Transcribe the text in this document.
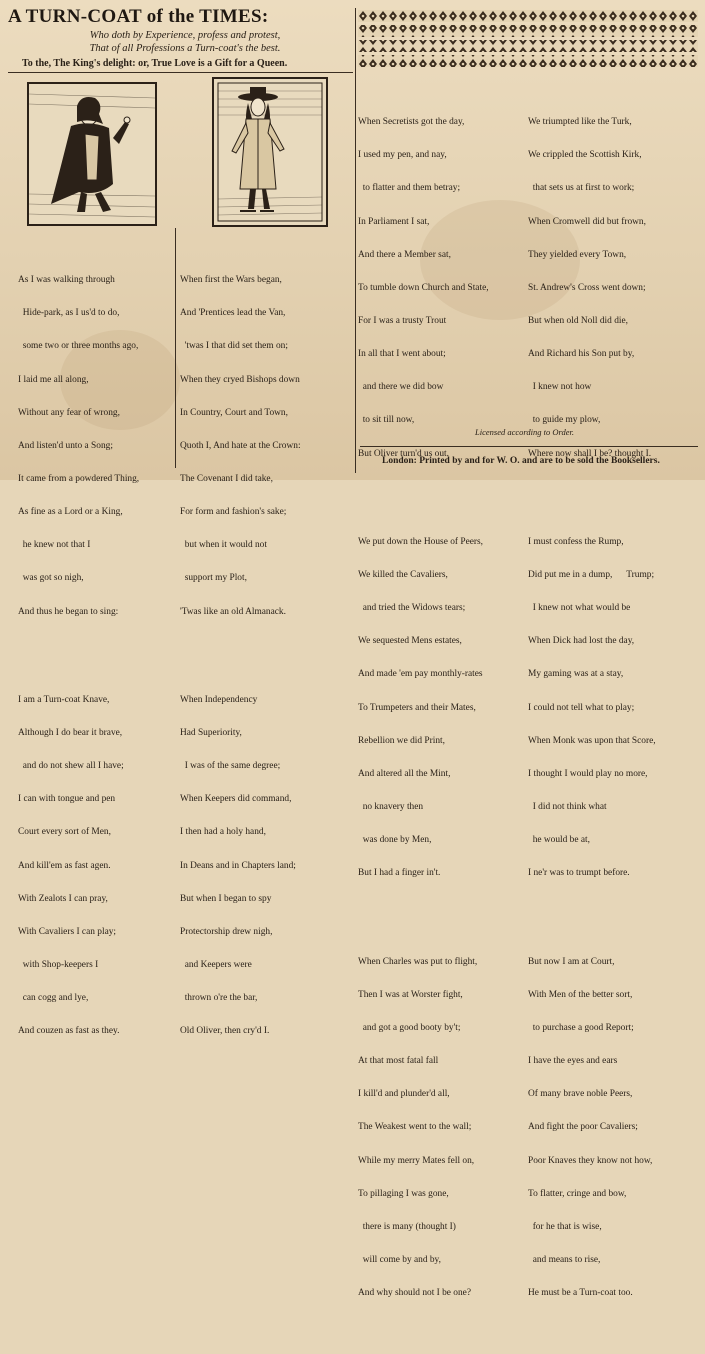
A TURN-COAT of the TIMES:
Who doth by Experience, profess and protest,
That of all Professions a Turn-coat's the best.
To the, The King's delight: or, True Love is a Gift for a Queen.

As I was walking through

Hide-park, as I us'd to do,

some two or three months ago,

I laid me all along,

Without any fear of wrong,

And listen'd unto a Song;

It came from a powdered Thing,

As fine as a Lord or a King,

he knew not that I

was got so nigh,

And thus he began to sing:

I am a Turn-coat Knave,

Although I do bear it brave,

and do not shew all I have;

I can with tongue and pen

Court every sort of Men,

And kill'em as fast agen.

With Zealots I can pray,

With Cavaliers I can play;

with Shop-keepers I

can cogg and lye,

And couzen as fast as they.

When first the Wars began,

And 'Prentices lead the Van,

'twas I that did set them on;

When they cryed Bishops down

In Country, Court and Town,

Quoth I, And hate at the Crown:

The Covenant I did take,

For form and fashion's sake;

but when it would not

support my Plot,

'Twas like an old Almanack.

When Independency

Had Superiority,

I was of the same degree;

When Keepers did command,

I then had a holy hand,

In Deans and in Chapters land;

But when I began to spy

Protectorship drew nigh,

and Keepers were

thrown o're the bar,

Old Oliver, then cry'd I.

When Secretists got the day,

I used my pen, and nay,

to flatter and them betray;

In Parliament I sat,

And there a Member sat,

To tumble down Church and State,

For I was a trusty Trout

In all that I went about;

and there we did bow

to sit till now,

But Oliver turn'd us out.

We put down the House of Peers,

We killed the Cavaliers,

and tried the Widows tears;

We sequested Mens estates,

And made 'em pay monthly-rates

To Trumpeters and their Mates,

Rebellion we did Print,

And altered all the Mint,

no knavery then

was done by Men,

But I had a finger in't.

When Charles was put to flight,

Then I was at Worster fight,

and got a good booty by't;

At that most fatal fall

I kill'd and plunder'd all,

The Weakest went to the wall;

While my merry Mates fell on,

To pillaging I was gone,

there is many (thought I)

will come by and by,

And why should not I be one?

We triumpted like the Turk,

We crippled the Scottish Kirk,

that sets us at first to work;

When Cromwell did but frown,

They yielded every Town,

St. Andrew's Cross went down;

But when old Noll did die,

And Richard his Son put by,

I knew not how

to guide my plow,

Where now shall I be? thought I.

I must confess the Rump,

Did put me in a dump,      Trump;

I knew not what would be

When Dick had lost the day,

My gaming was at a stay,

I could not tell what to play;

When Monk was upon that Score,

I thought I would play no more,

I did not think what

he would be at,

I ne'r was to trumpt before.

But now I am at Court,

With Men of the better sort,

to purchase a good Report;

I have the eyes and ears

Of many brave noble Peers,

And fight the poor Cavaliers;

Poor Knaves they know not how,

To flatter, cringe and bow,

for he that is wise,

and means to rise,

He must be a Turn-coat too.

Licensed according to Order.
London: Printed by and for W. O. and are to be sold the Booksellers.
